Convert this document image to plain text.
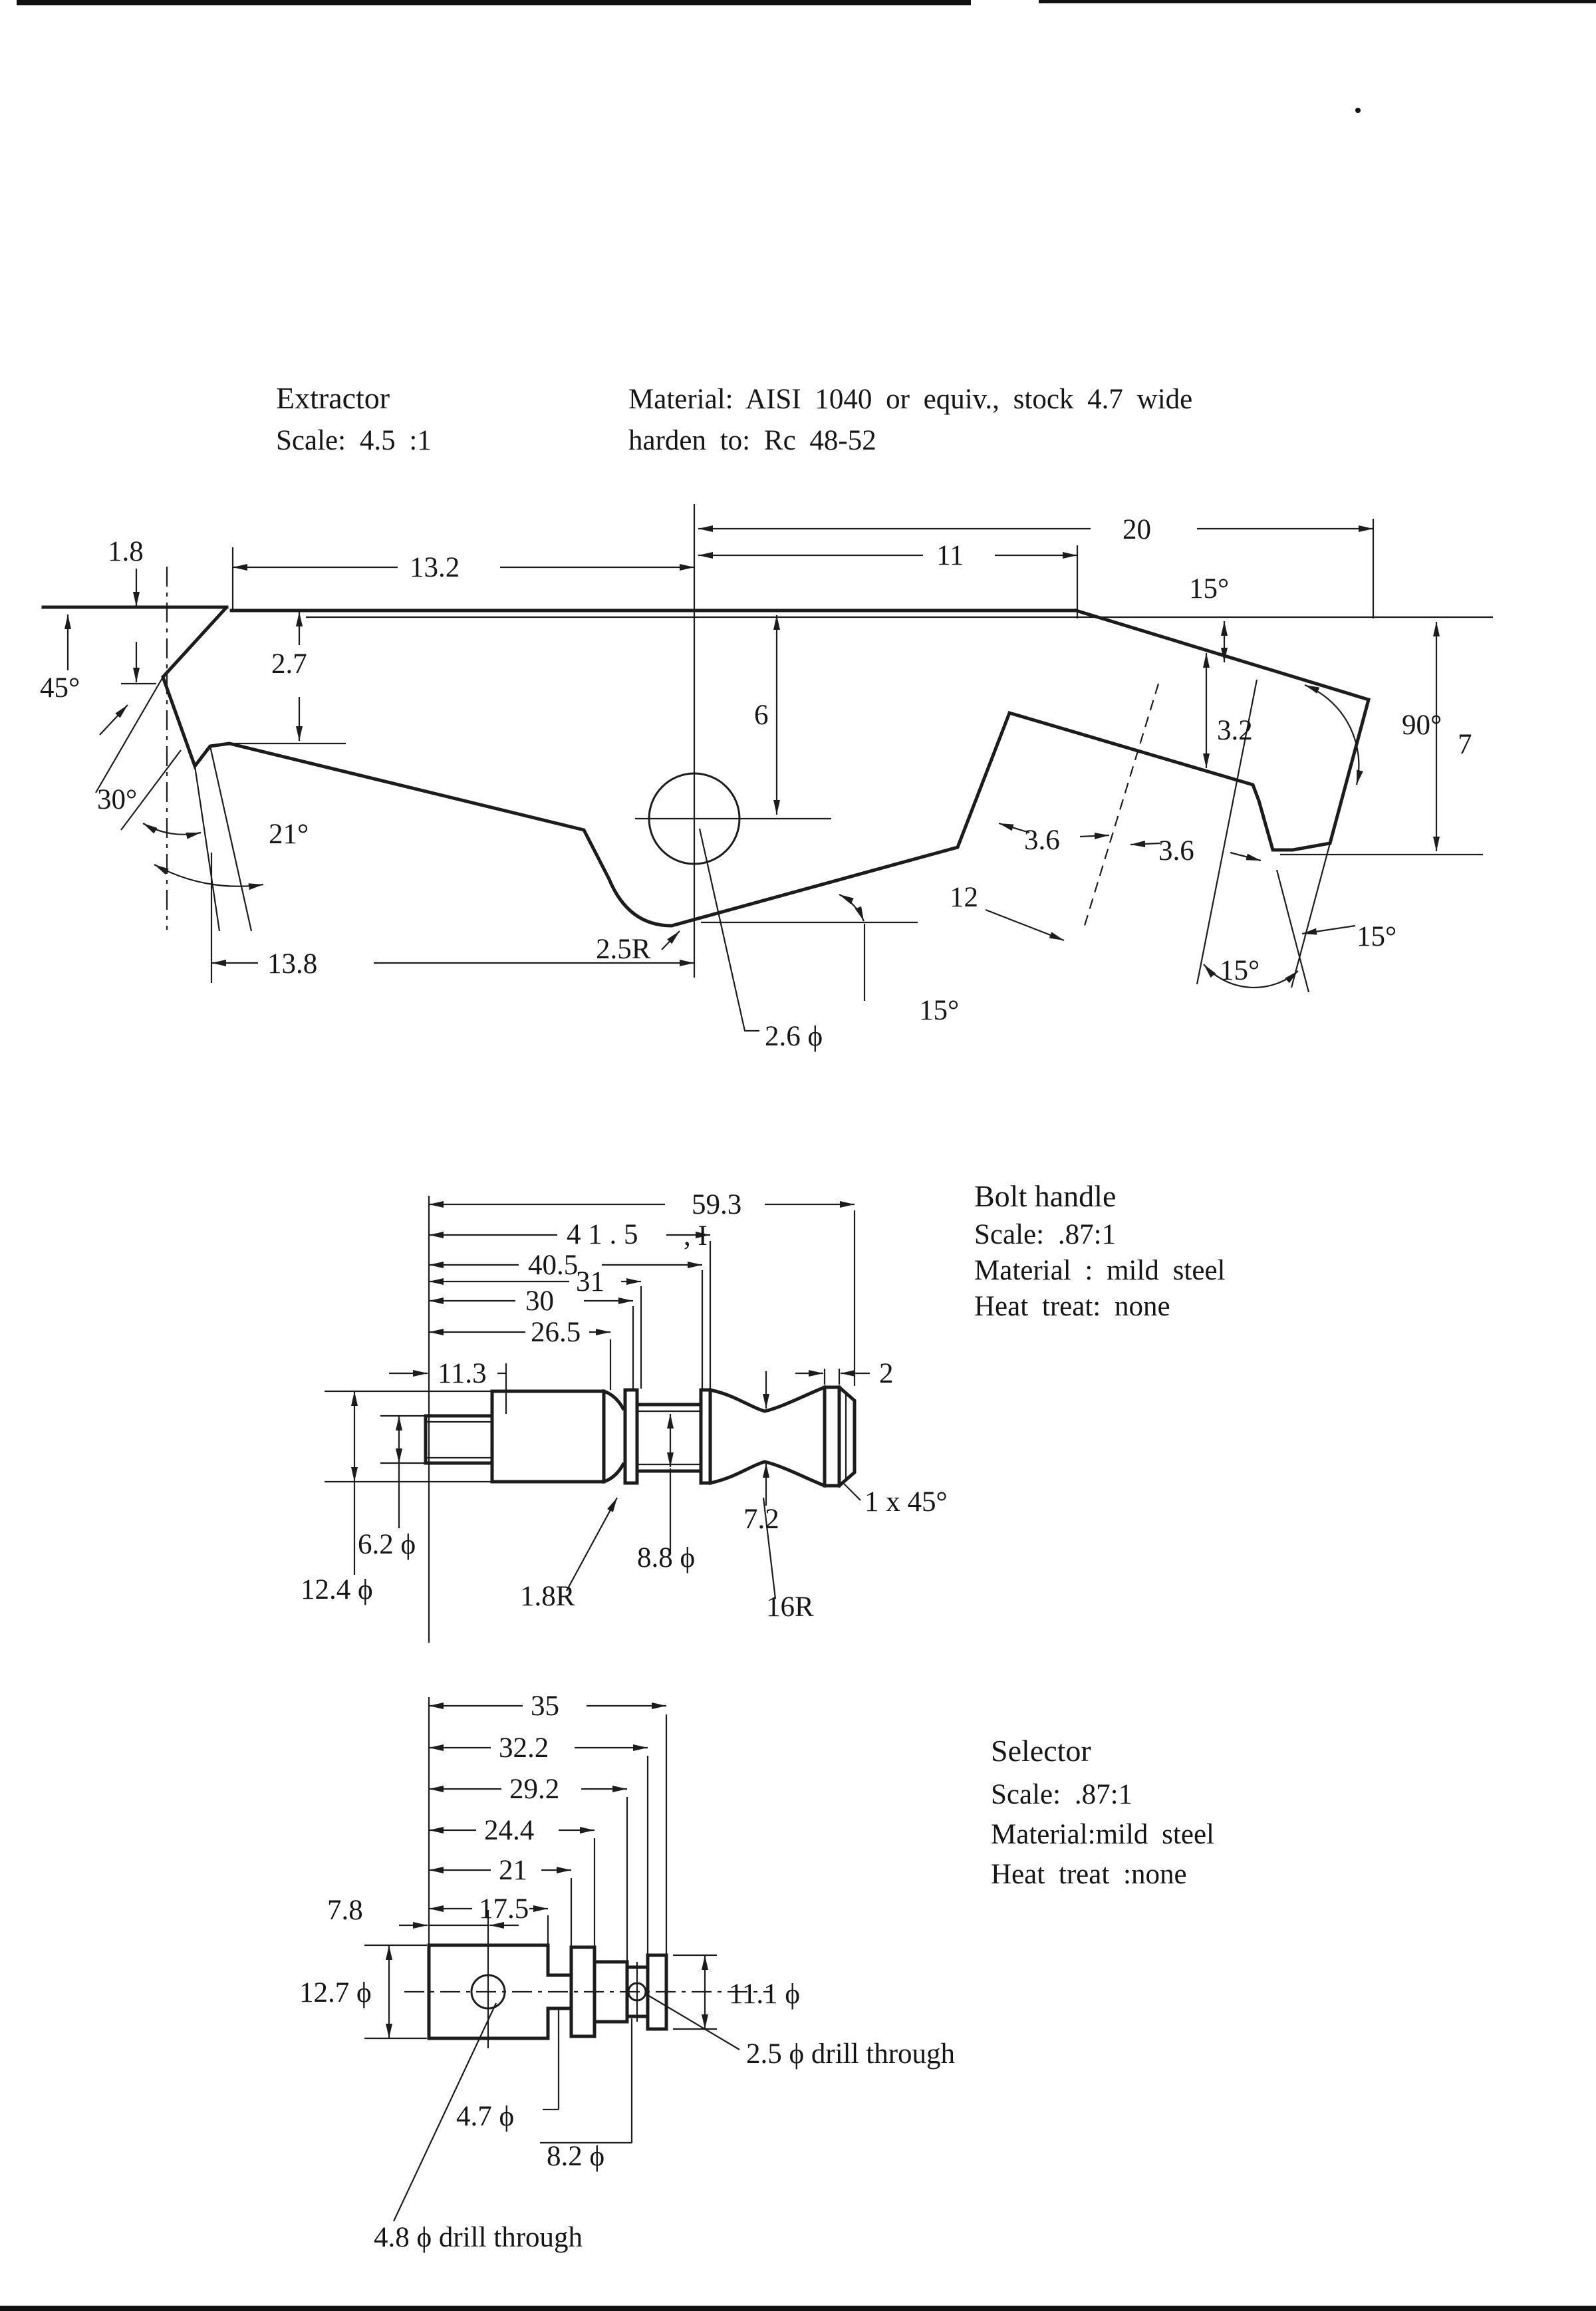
Extractor
Scale: 4.5 :1
Material: AISI 1040 or equiv., stock 4.7 wide
harden to: Rc 48-52
Bolt handle
Scale: .87:1
Material : mild steel
Heat treat: none
Selector
Scale: .87:1
Material:mild steel
Heat treat :none
20
11
13.2
1.8
45°
2.7
30°
21°
6
15°
90°
7
3.2
3.6	3.6
12
15°
15°
15°
13.8	2.5R
2.6 ϕ
59.3
4 1 . 5 , I
40.5
31
30
26.5
11.3	2
12.4 ϕ
6.2 ϕ
1.8R
8.8 ϕ
7.2
1 x 45°
16R
35
32.2
29.2
24.4
21
17.5
7.8
12.7 ϕ	11.1 ϕ
4.7 ϕ
8.2 ϕ
2.5 ϕ drill through
4.8 ϕ drill through
